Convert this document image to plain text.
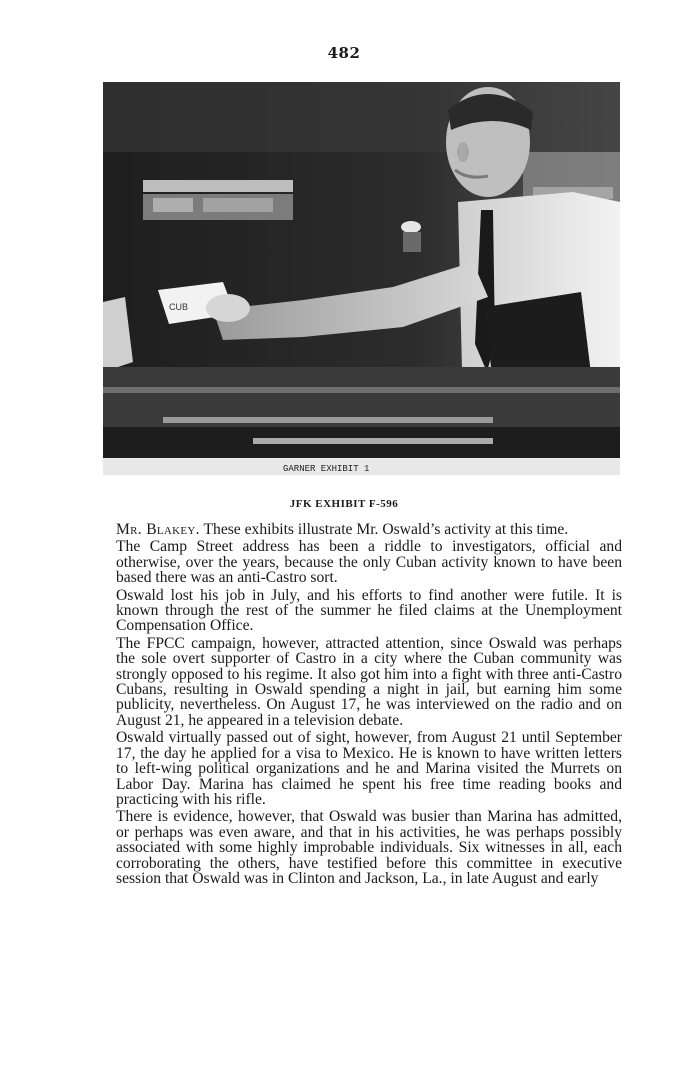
482
CUB
GARNER EXHIBIT 1
JFK EXHIBIT F-596

Mr. Blakey. These exhibits illustrate Mr. Oswald’s activity at this time.

The Camp Street address has been a riddle to investigators, official and otherwise, over the years, because the only Cuban activity known to have been based there was an anti-Castro sort.

Oswald lost his job in July, and his efforts to find another were futile. It is known through the rest of the summer he filed claims at the Unemployment Compensation Office.

The FPCC campaign, however, attracted attention, since Oswald was perhaps the sole overt supporter of Castro in a city where the Cuban community was strongly opposed to his regime. It also got him into a fight with three anti-Castro Cubans, resulting in Oswald spending a night in jail, but earning him some publicity, nevertheless. On August 17, he was interviewed on the radio and on August 21, he appeared in a television debate.

Oswald virtually passed out of sight, however, from August 21 until September 17, the day he applied for a visa to Mexico. He is known to have written letters to left-wing political organizations and he and Marina visited the Murrets on Labor Day. Marina has claimed he spent his free time reading books and practicing with his rifle.

There is evidence, however, that Oswald was busier than Marina has admitted, or perhaps was even aware, and that in his activities, he was perhaps possibly associated with some highly improbable individuals. Six witnesses in all, each corroborating the others, have testified before this committee in executive session that Oswald was in Clinton and Jackson, La., in late August and early
